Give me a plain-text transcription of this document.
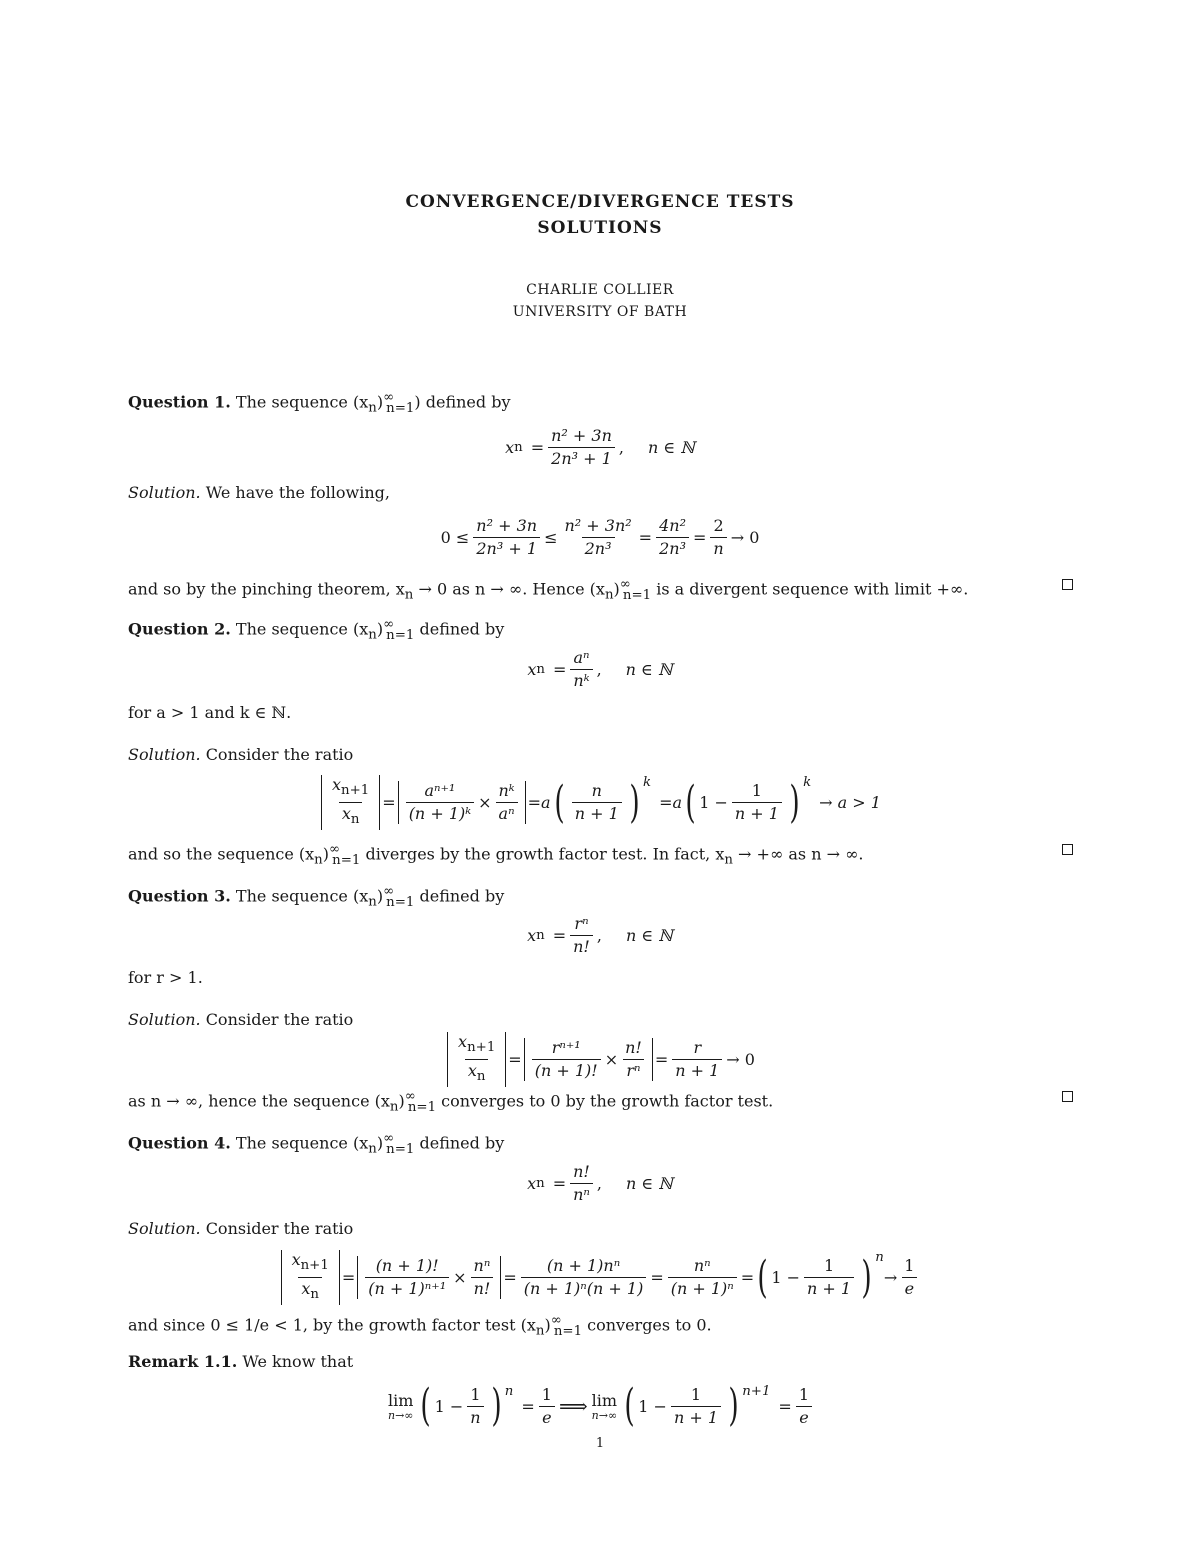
CONVERGENCE/DIVERGENCE TESTS
SOLUTIONS
CHARLIE COLLIER
UNIVERSITY OF BATH
Question 1. The sequence $(x_n)^\infty_{n=1}$) defined by
x $n = \frac{\text{n² + 3n}}{\text{2n³ + 1}}$ , n ∈ ℕ
Solution. We have the following,
$0 \le \frac{\text{n² + 3n}}{\text{2n³ + 1}} \le \frac{\text{n² + 3n²}}{\text{2n³}} = \frac{\text{4n²}}{\text{2n³}} = \frac{2}{n} \to 0$
and so by the pinching theorem, $x_n \to 0$ as n → ∞. Hence $(x_n)^\infty_{n=1}$ is a divergent sequence with limit +∞.
Question 2. The sequence $(x_n)^\infty_{n=1}$ defined by
x $n = \frac{\text{aⁿ}}{\text{nᵏ}}$ , n ∈ ℕ
for a > 1 and k ∈ ℕ.
Solution. Consider the ratio
$\frac{x_{n+1}}{x_n} = \frac{\text{aⁿ⁺¹}}{\text{(n + 1)ᵏ}} \times \frac{\text{nᵏ}}{\text{aⁿ}} = a$ ( $\frac{n}{n + 1}$ ) $^k$
= a ( $1 - \frac{1}{n + 1}$ ) $^k$
→ a > 1
and so the sequence $(x_n)^\infty_{n=1}$ diverges by the growth factor test. In fact, $x_n$ → +∞ as n → ∞.
Question 3. The sequence $(x_n)^\infty_{n=1}$ defined by
x $n = \frac{\text{rⁿ}}{n!}$ , n ∈ ℕ
for r > 1.
Solution. Consider the ratio
$\frac{x_{n+1}}{x_n} = \frac{\text{rⁿ⁺¹}}{(n + 1)!} \times \frac{n!}{\text{rⁿ}} = \frac{r}{n + 1} \to 0$
as n → ∞, hence the sequence $(x_n)^\infty_{n=1}$ converges to 0 by the growth factor test.
Question 4. The sequence $(x_n)^\infty_{n=1}$ defined by
x $n = \frac{n!}{\text{nⁿ}}$ , n ∈ ℕ
Solution. Consider the ratio
$\frac{x_{n+1}}{x_n} = \frac{(n + 1)!}{\text{(n + 1)ⁿ⁺¹}} \times \frac{\text{nⁿ}}{n!} = \frac{\text{(n + 1)nⁿ}}{\text{(n + 1)ⁿ(n + 1)}} = \frac{\text{nⁿ}}{\text{(n + 1)ⁿ}}$ = ( $1 - \frac{1}{n + 1}$ ) $^n$
→ $\frac{1}{e}$
and since 0 ≤ 1/e < 1, by the growth factor test $(x_n)^\infty_{n=1}$ converges to 0.
Remark 1.1. We know that
lim
n→∞ ( $1 - \frac{1}{n}$ ) $^n$
= $\frac{1}{e}$ ⟹ lim
n→∞ ( $1 - \frac{1}{n + 1}$ ) $^{n+1}$
= $\frac{1}{e}$
1
